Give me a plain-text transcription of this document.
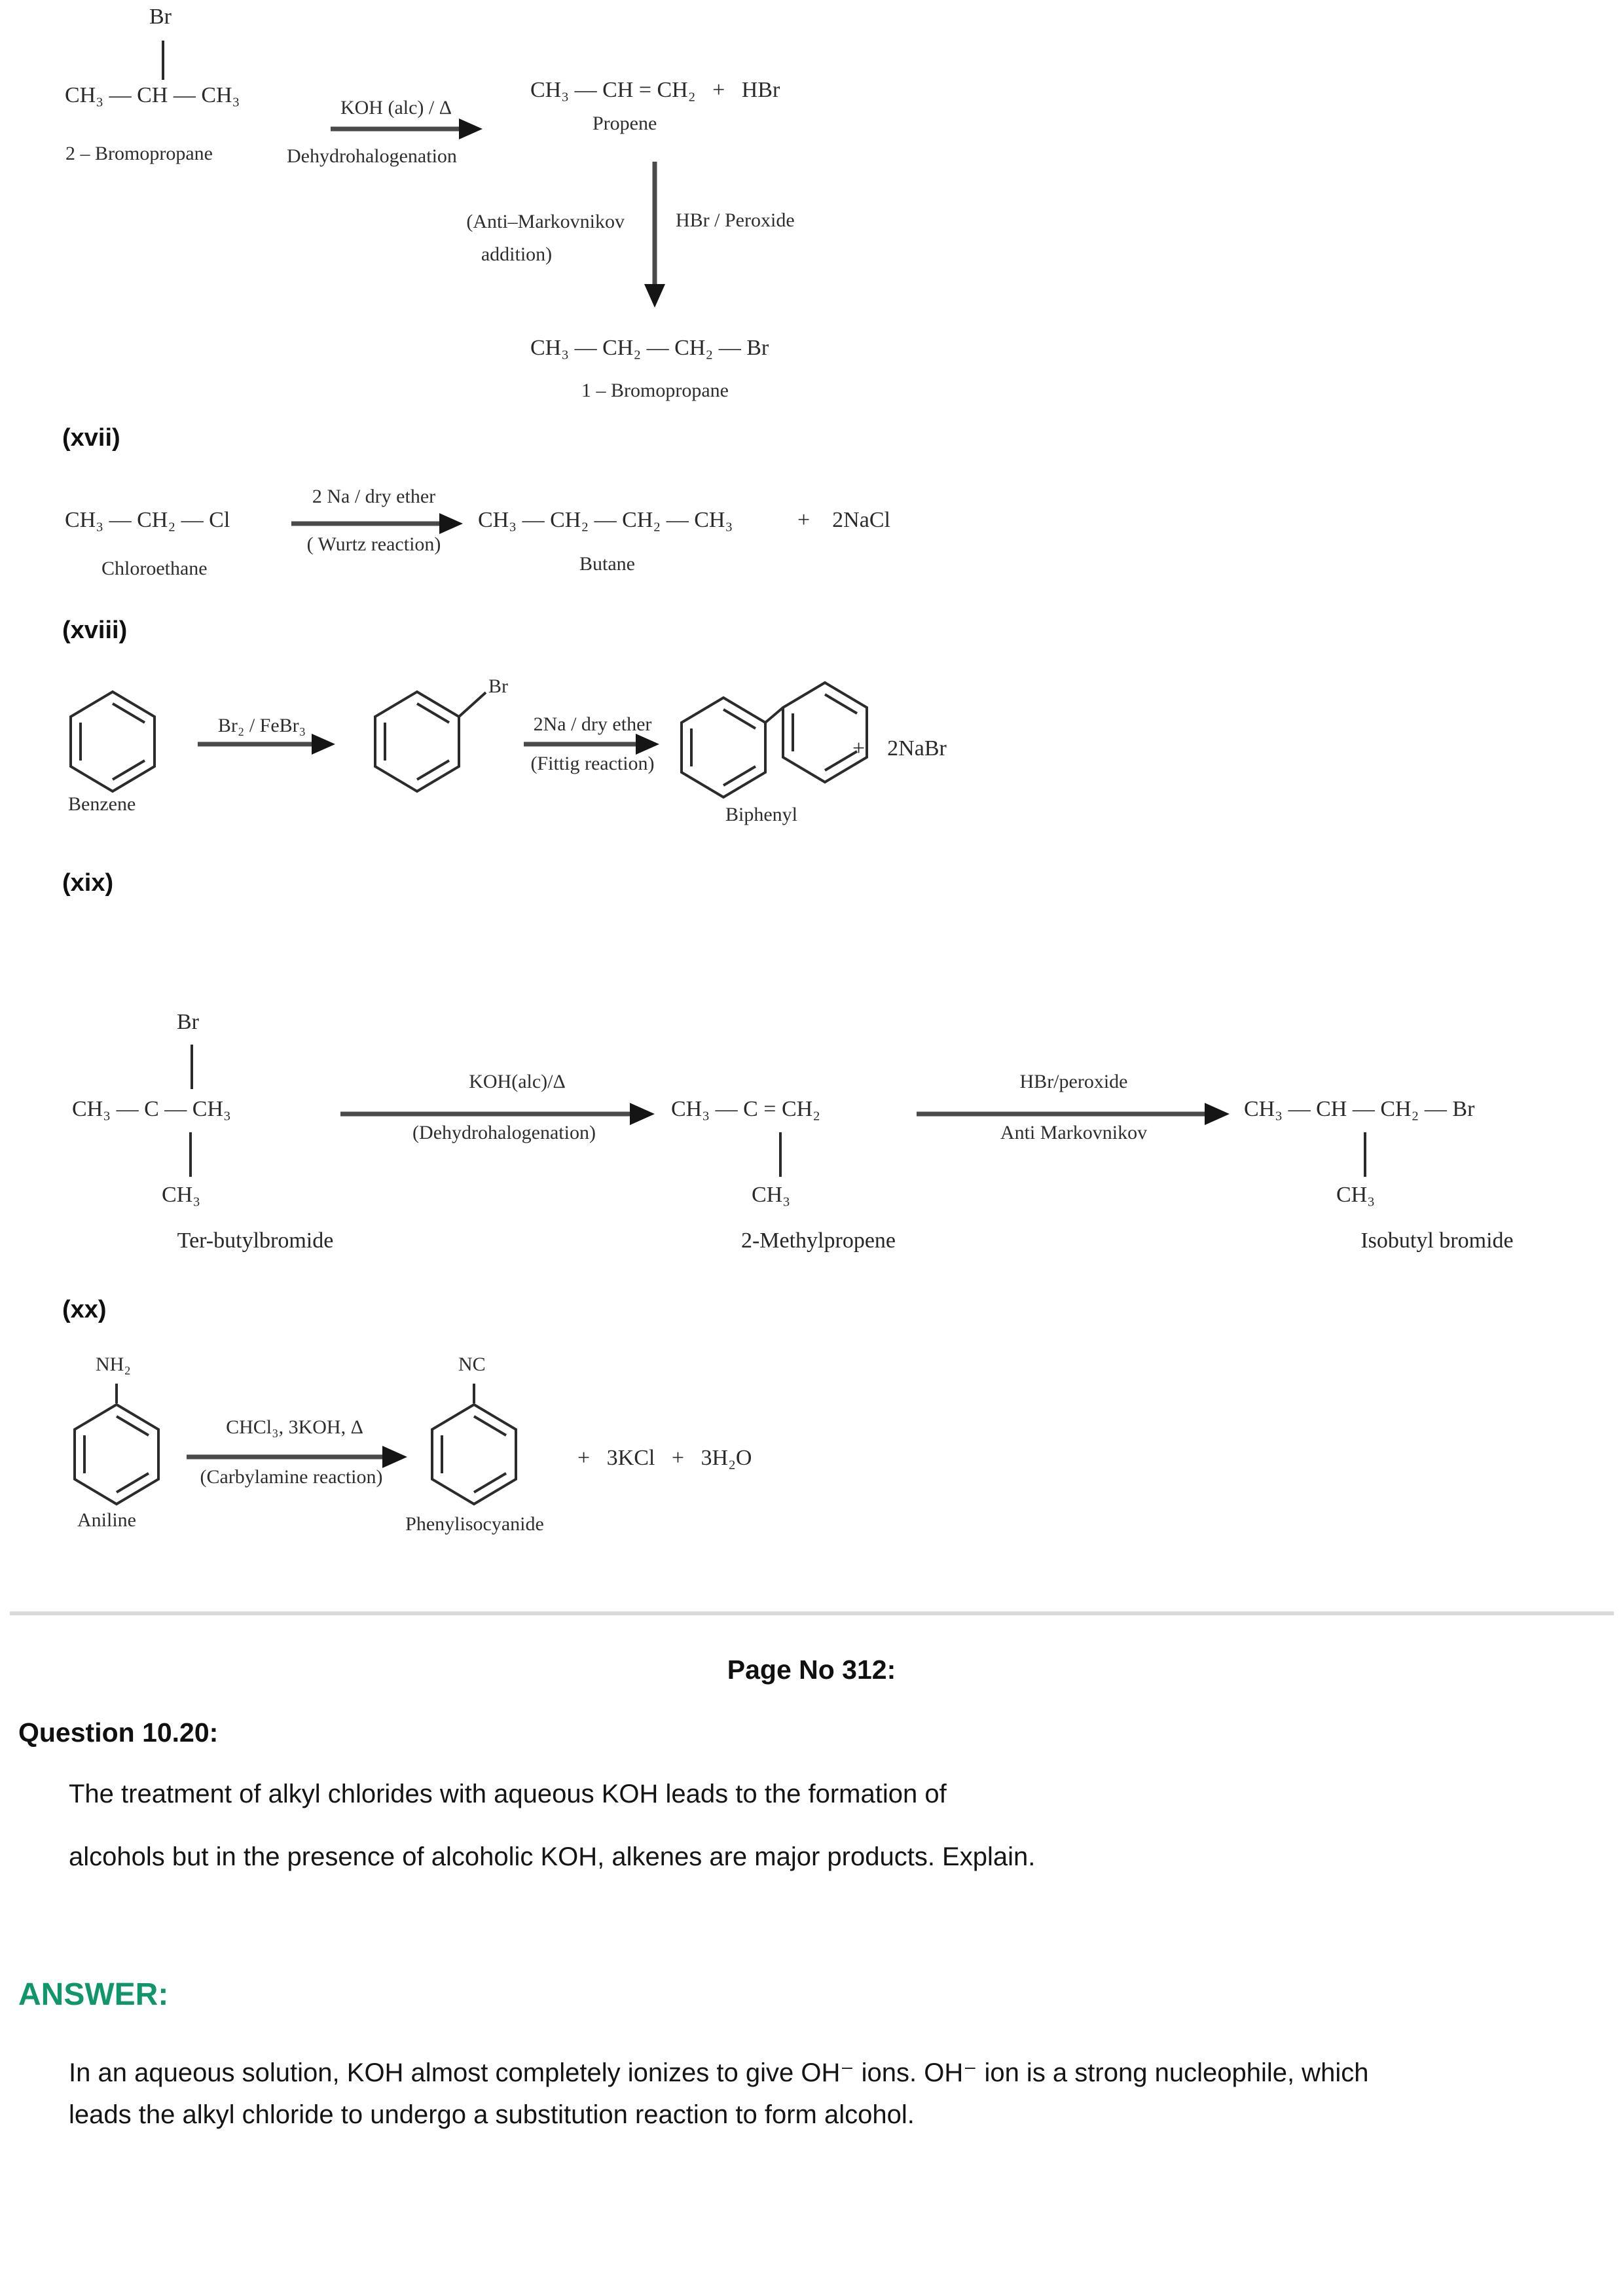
Br
CH₃ — CH — CH₃
2 – Bromopropane
KOH (alc) / Δ
Dehydrohalogenation
CH₃ — CH = CH₂   +   HBr
Propene
(Anti–Markovnikov
addition)
HBr / Peroxide
CH₃ — CH₂ — CH₂ — Br
1 – Bromopropane
(xvii)
CH₃ — CH₂ — Cl
Chloroethane
2 Na / dry ether
( Wurtz reaction)
CH₃ — CH₂ — CH₂ — CH₃
Butane
+    2NaCl
(xviii)
Benzene
Br₂ / FeBr₃
Br
2Na / dry ether
(Fittig reaction)
Biphenyl
+    2NaBr
(xix)
Br
CH₃ — C — CH₃
CH₃
Ter-butylbromide
KOH(alc)/Δ
(Dehydrohalogenation)
CH₃ — C = CH₂
CH₃
2-Methylpropene
HBr/peroxide
Anti Markovnikov
CH₃ — CH — CH₂ — Br
CH₃
Isobutyl bromide
(xx)
NH₂
Aniline
CHCl₃, 3KOH, Δ
(Carbylamine reaction)
NC
Phenylisocyanide
+   3KCl   +   3H₂O
Page No 312:
Question 10.20:
The treatment of alkyl chlorides with aqueous KOH leads to the formation of
alcohols but in the presence of alcoholic KOH, alkenes are major products. Explain.
ANSWER:
In an aqueous solution, KOH almost completely ionizes to give OH⁻ ions. OH⁻ ion is a strong nucleophile, which
leads the alkyl chloride to undergo a substitution reaction to form alcohol.
